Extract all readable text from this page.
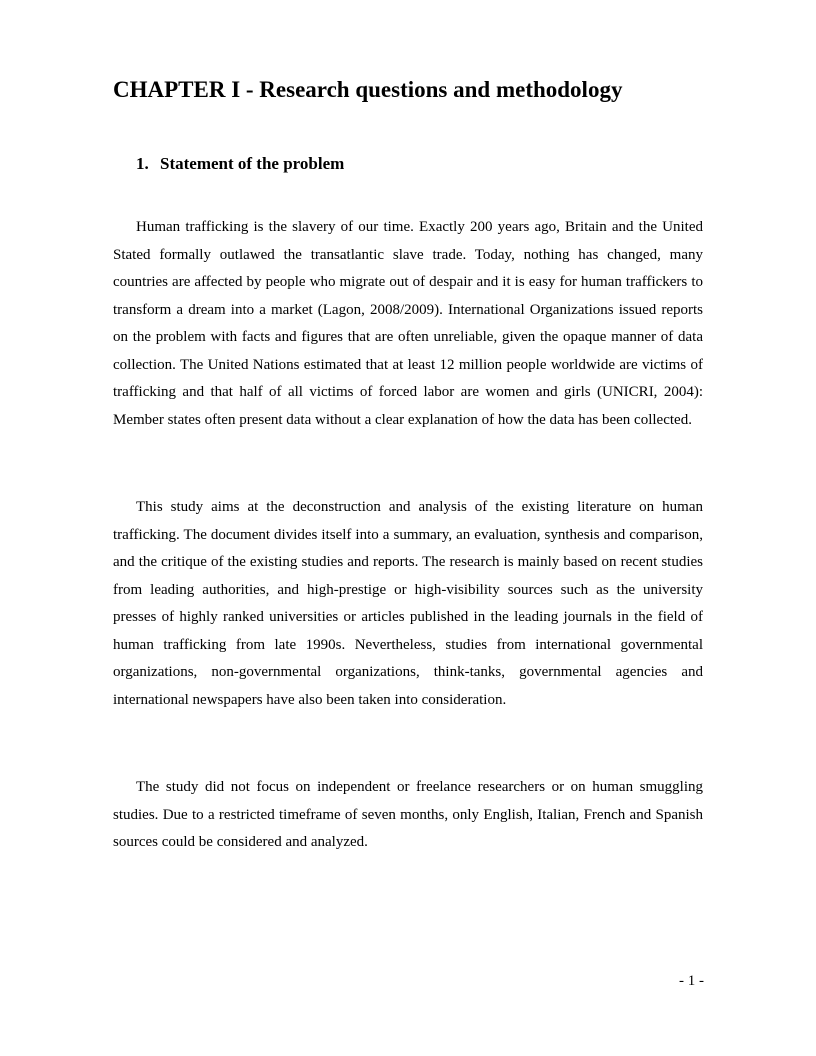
CHAPTER I - Research questions and methodology
1. Statement of the problem

Human trafficking is the slavery of our time. Exactly 200 years ago, Britain and the United Stated formally outlawed the transatlantic slave trade. Today, nothing has changed, many countries are affected by people who migrate out of despair and it is easy for human traffickers to transform a dream into a market (Lagon, 2008/2009). International Organizations issued reports on the problem with facts and figures that are often unreliable, given the opaque manner of data collection. The United Nations estimated that at least 12 million people worldwide are victims of trafficking and that half of all victims of forced labor are women and girls (UNICRI, 2004): Member states often present data without a clear explanation of how the data has been collected.

This study aims at the deconstruction and analysis of the existing literature on human trafficking. The document divides itself into a summary, an evaluation, synthesis and comparison, and the critique of the existing studies and reports. The research is mainly based on recent studies from leading authorities, and high-prestige or high-visibility sources such as the university presses of highly ranked universities or articles published in the leading journals in the field of human trafficking from late 1990s. Nevertheless, studies from international governmental organizations, non-governmental organizations, think-tanks, governmental agencies and international newspapers have also been taken into consideration.

The study did not focus on independent or freelance researchers or on human smuggling studies. Due to a restricted timeframe of seven months, only English, Italian, French and Spanish sources could be considered and analyzed.

- 1 -
